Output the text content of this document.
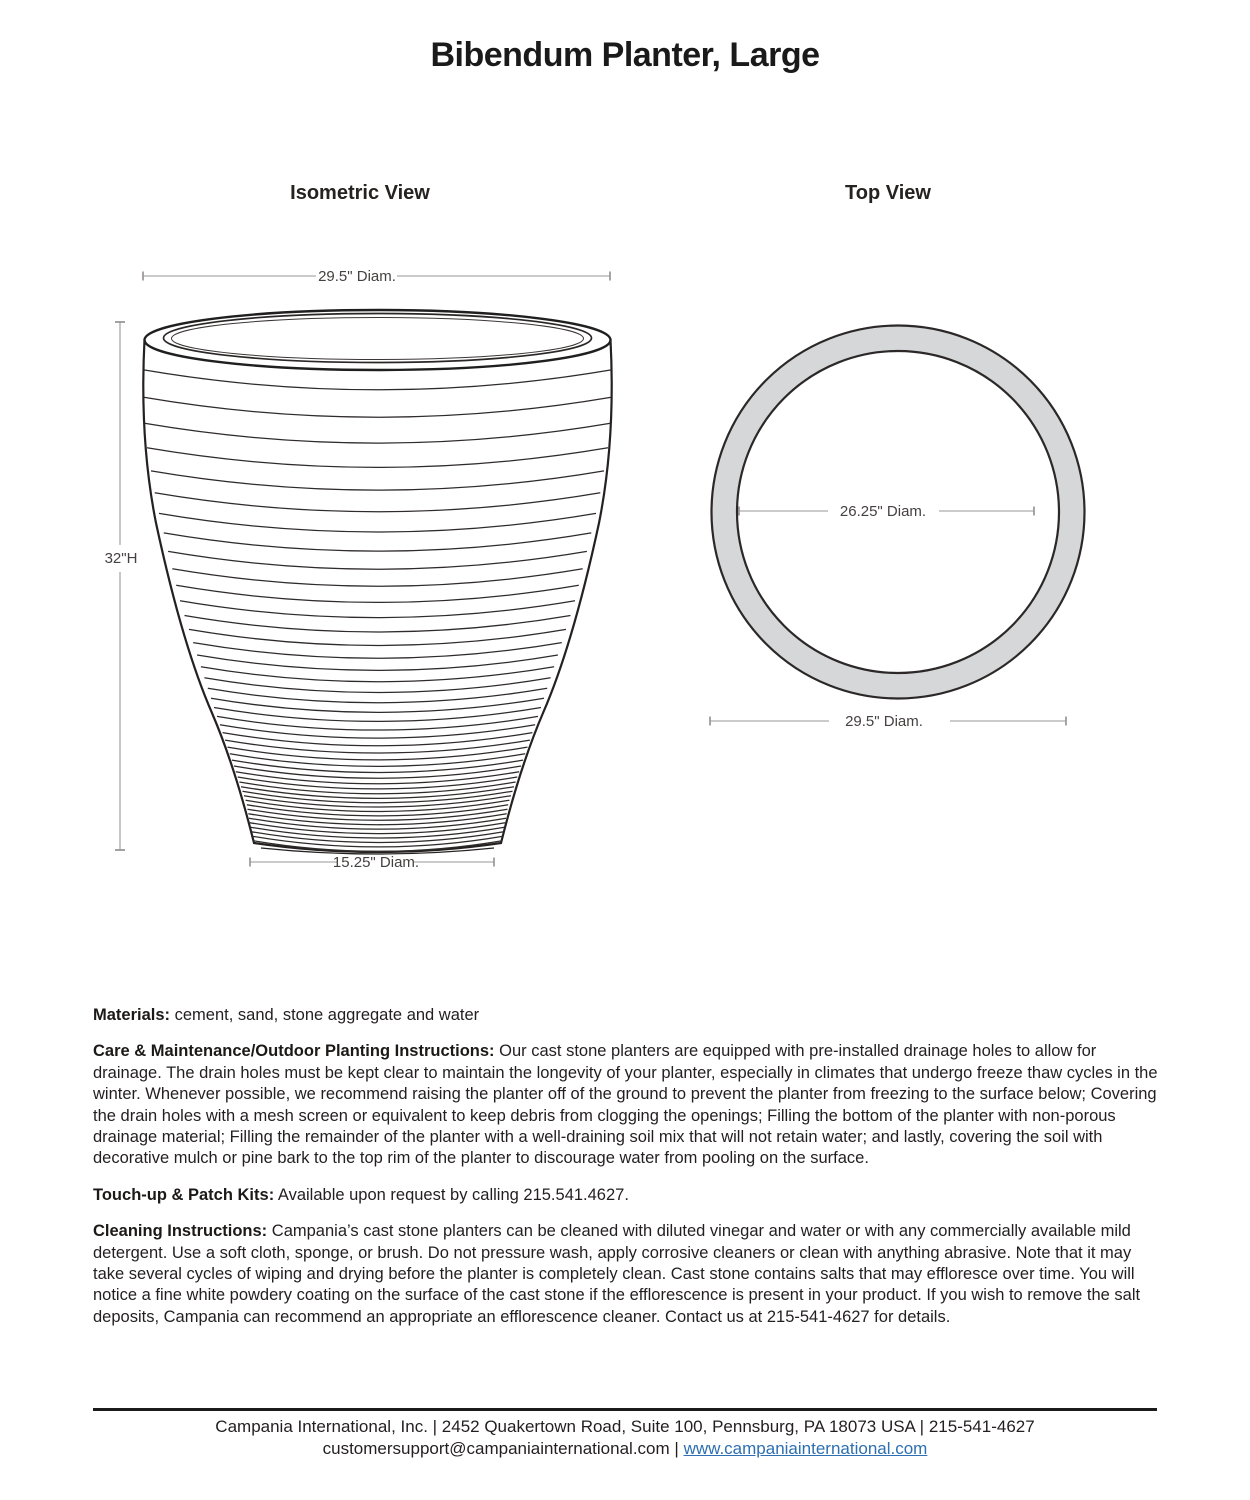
Bibendum Planter, Large
Isometric View	Top View
29.5" Diam.
32"H
15.25" Diam.
26.25" Diam.
29.5" Diam.

Materials: cement, sand, stone aggregate and water

Care & Maintenance/Outdoor Planting Instructions: Our cast stone planters are equipped with pre-installed drainage holes to allow for drainage. The drain holes must be kept clear to maintain the longevity of your planter, especially in climates that undergo freeze thaw cycles in the winter. Whenever possible, we recommend raising the planter off of the ground to prevent the planter from freezing to the surface below; Covering the drain holes with a mesh screen or equivalent to keep debris from clogging the openings; Filling the bottom of the planter with non-porous drainage material; Filling the remainder of the planter with a well-draining soil mix that will not retain water; and lastly, covering the soil with decorative mulch or pine bark to the top rim of the planter to discourage water from pooling on the surface.

Touch-up & Patch Kits: Available upon request by calling 215.541.4627.

Cleaning Instructions: Campania’s cast stone planters can be cleaned with diluted vinegar and water or with any commercially available mild detergent. Use a soft cloth, sponge, or brush. Do not pressure wash, apply corrosive cleaners or clean with anything abrasive. Note that it may take several cycles of wiping and drying before the planter is completely clean. Cast stone contains salts that may effloresce over time. You will notice a fine white powdery coating on the surface of the cast stone if the efflorescence is present in your product. If you wish to remove the salt deposits, Campania can recommend an appropriate an efflorescence cleaner. Contact us at 215-541-4627 for details.

Campania International, Inc. | 2452 Quakertown Road, Suite 100, Pennsburg, PA 18073 USA | 215-541-4627
customersupport@campaniainternational.com | www.campaniainternational.com
